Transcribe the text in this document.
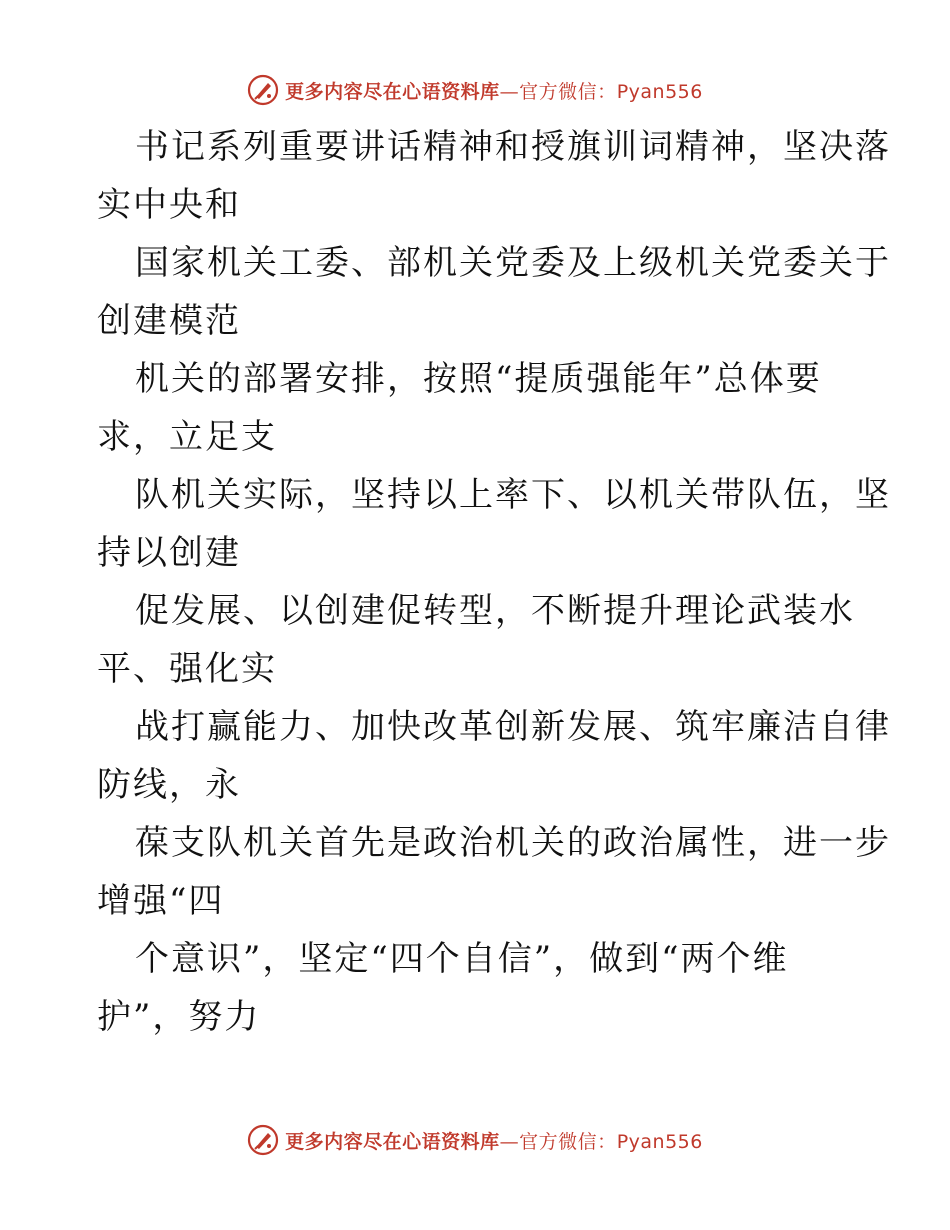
更多内容尽在心语资料库—官方微信：Pyan556
书记系列重要讲话精神和授旗训词精神，坚决落
实中央和
国家机关工委、部机关党委及上级机关党委关于
创建模范
机关的部署安排，按照“提质强能年”总体要
求，立足支
队机关实际，坚持以上率下、以机关带队伍，坚
持以创建
促发展、以创建促转型，不断提升理论武装水
平、强化实
战打赢能力、加快改革创新发展、筑牢廉洁自律
防线，永
葆支队机关首先是政治机关的政治属性，进一步
增强“四
个意识”，坚定“四个自信”，做到“两个维
护”，努力
更多内容尽在心语资料库—官方微信：Pyan556
